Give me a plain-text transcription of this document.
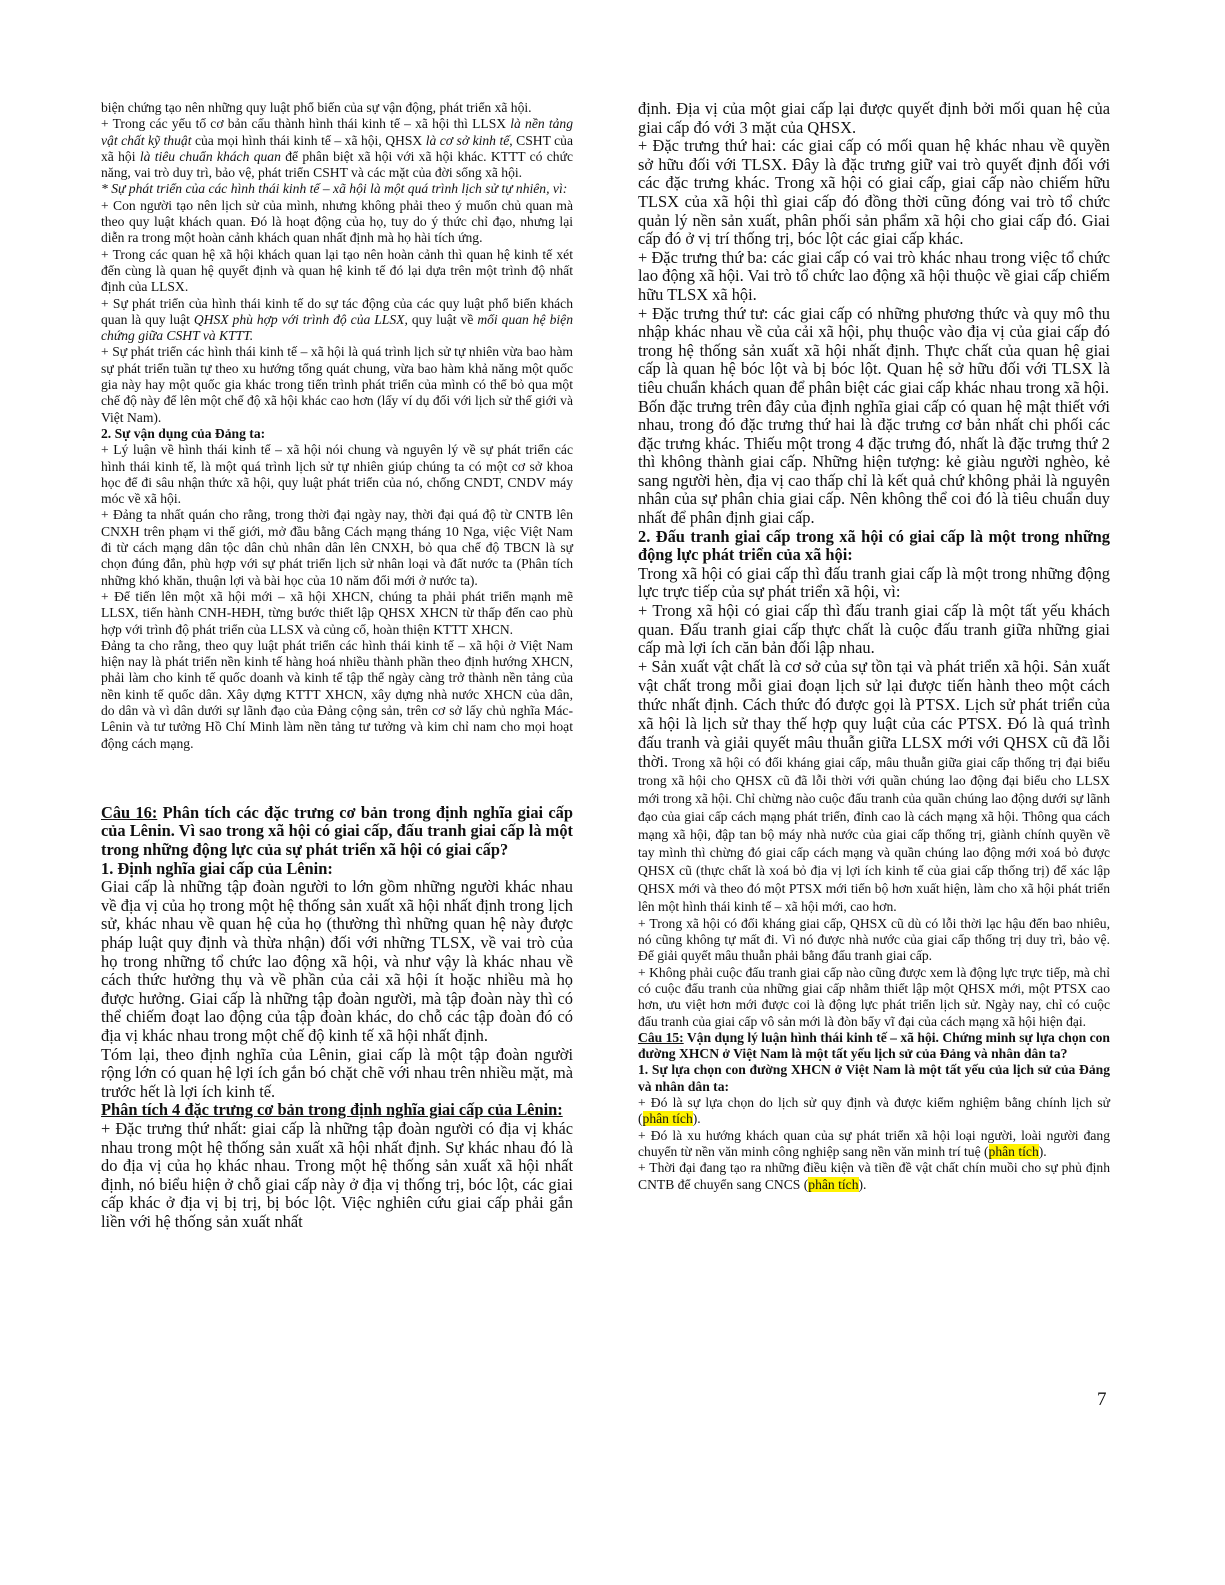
biện chứng tạo nên những quy luật phổ biến của sự vận động, phát triển xã hội.

+ Trong các yếu tố cơ bản cấu thành hình thái kinh tế – xã hội thì LLSX là nền tảng vật chất kỹ thuật của mọi hình thái kinh tế – xã hội, QHSX là cơ sở kinh tế, CSHT của xã hội là tiêu chuẩn khách quan để phân biệt xã hội với xã hội khác. KTTT có chức năng, vai trò duy trì, bảo vệ, phát triển CSHT và các mặt của đời sống xã hội.

* Sự phát triển của các hình thái kinh tế – xã hội là một quá trình lịch sử tự nhiên, vì:

+ Con người tạo nên lịch sử của mình, nhưng không phải theo ý muốn chủ quan mà theo quy luật khách quan. Đó là hoạt động của họ, tuy do ý thức chỉ đạo, nhưng lại diễn ra trong một hoàn cảnh khách quan nhất định mà họ hài tích ứng.

+ Trong các quan hệ xã hội khách quan lại tạo nên hoàn cảnh thì quan hệ kinh tế xét đến cùng là quan hệ quyết định và quan hệ kinh tế đó lại dựa trên một trình độ nhất định của LLSX.

+ Sự phát triển của hình thái kinh tế do sự tác động của các quy luật phổ biến khách quan là quy luật QHSX phù hợp với trình độ của LLSX, quy luật về mối quan hệ biện chứng giữa CSHT và KTTT.

+ Sự phát triển các hình thái kinh tế – xã hội là quá trình lịch sử tự nhiên vừa bao hàm sự phát triển tuần tự theo xu hướng tổng quát chung, vừa bao hàm khả năng một quốc gia này hay một quốc gia khác trong tiến trình phát triển của mình có thể bỏ qua một chế độ này để lên một chế độ xã hội khác cao hơn (lấy ví dụ đối với lịch sử thế giới và Việt Nam).

2. Sự vận dụng của Đảng ta:

+ Lý luận về hình thái kinh tế – xã hội nói chung và nguyên lý về sự phát triển các hình thái kinh tế, là một quá trình lịch sử tự nhiên giúp chúng ta có một cơ sở khoa học để đi sâu nhận thức xã hội, quy luật phát triển của nó, chống CNDT, CNDV máy móc về xã hội.

+ Đảng ta nhất quán cho rằng, trong thời đại ngày nay, thời đại quá độ từ CNTB lên CNXH trên phạm vi thế giới, mở đầu bằng Cách mạng tháng 10 Nga, việc Việt Nam đi từ cách mạng dân tộc dân chủ nhân dân lên CNXH, bỏ qua chế độ TBCN là sự chọn đúng đắn, phù hợp với sự phát triển lịch sử nhân loại và đất nước ta (Phân tích những khó khăn, thuận lợi và bài học của 10 năm đổi mới ở nước ta).

+ Để tiến lên một xã hội mới – xã hội XHCN, chúng ta phải phát triển mạnh mẽ LLSX, tiến hành CNH-HĐH, từng bước thiết lập QHSX XHCN từ thấp đến cao phù hợp với trình độ phát triển của LLSX và củng cố, hoàn thiện KTTT XHCN.

Đảng ta cho rằng, theo quy luật phát triển các hình thái kinh tế – xã hội ở Việt Nam hiện nay là phát triển nền kinh tế hàng hoá nhiều thành phần theo định hướng XHCN, phải làm cho kinh tế quốc doanh và kinh tế tập thể ngày càng trở thành nền tảng của nền kinh tế quốc dân. Xây dựng KTTT XHCN, xây dựng nhà nước XHCN của dân, do dân và vì dân dưới sự lãnh đạo của Đảng cộng sản, trên cơ sở lấy chủ nghĩa Mác-Lênin và tư tưởng Hồ Chí Minh làm nền tảng tư tưởng và kim chỉ nam cho mọi hoạt động cách mạng.

Câu 16: Phân tích các đặc trưng cơ bản trong định nghĩa giai cấp của Lênin. Vì sao trong xã hội có giai cấp, đấu tranh giai cấp là một trong những động lực của sự phát triển xã hội có giai cấp?

1. Định nghĩa giai cấp của Lênin:

Giai cấp là những tập đoàn người to lớn gồm những người khác nhau về địa vị của họ trong một hệ thống sản xuất xã hội nhất định trong lịch sử, khác nhau về quan hệ của họ (thường thì những quan hệ này được pháp luật quy định và thừa nhận) đối với những TLSX, về vai trò của họ trong những tổ chức lao động xã hội, và như vậy là khác nhau về cách thức hưởng thụ và về phần của cải xã hội ít hoặc nhiều mà họ được hưởng. Giai cấp là những tập đoàn người, mà tập đoàn này thì có thể chiếm đoạt lao động của tập đoàn khác, do chỗ các tập đoàn đó có địa vị khác nhau trong một chế độ kinh tế xã hội nhất định.

Tóm lại, theo định nghĩa của Lênin, giai cấp là một tập đoàn người rộng lớn có quan hệ lợi ích gắn bó chặt chẽ với nhau trên nhiều mặt, mà trước hết là lợi ích kinh tế.

Phân tích 4 đặc trưng cơ bản trong định nghĩa giai cấp của Lênin:

+ Đặc trưng thứ nhất: giai cấp là những tập đoàn người có địa vị khác nhau trong một hệ thống sản xuất xã hội nhất định. Sự khác nhau đó là do địa vị của họ khác nhau. Trong một hệ thống sản xuất xã hội nhất định, nó biểu hiện ở chỗ giai cấp này ở địa vị thống trị, bóc lột, các giai cấp khác ở địa vị bị trị, bị bóc lột. Việc nghiên cứu giai cấp phải gắn liền với hệ thống sản xuất nhất

định. Địa vị của một giai cấp lại được quyết định bởi mối quan hệ của giai cấp đó với 3 mặt của QHSX.

+ Đặc trưng thứ hai: các giai cấp có mối quan hệ khác nhau về quyền sở hữu đối với TLSX. Đây là đặc trưng giữ vai trò quyết định đối với các đặc trưng khác. Trong xã hội có giai cấp, giai cấp nào chiếm hữu TLSX của xã hội thì giai cấp đó đồng thời cũng đóng vai trò tổ chức quản lý nền sản xuất, phân phối sản phẩm xã hội cho giai cấp đó. Giai cấp đó ở vị trí thống trị, bóc lột các giai cấp khác.

+ Đặc trưng thứ ba: các giai cấp có vai trò khác nhau trong việc tổ chức lao động xã hội. Vai trò tổ chức lao động xã hội thuộc về giai cấp chiếm hữu TLSX xã hội.

+ Đặc trưng thứ tư: các giai cấp có những phương thức và quy mô thu nhập khác nhau về của cải xã hội, phụ thuộc vào địa vị của giai cấp đó trong hệ thống sản xuất xã hội nhất định. Thực chất của quan hệ giai cấp là quan hệ bóc lột và bị bóc lột. Quan hệ sở hữu đối với TLSX là tiêu chuẩn khách quan để phân biệt các giai cấp khác nhau trong xã hội.

Bốn đặc trưng trên đây của định nghĩa giai cấp có quan hệ mật thiết với nhau, trong đó đặc trưng thứ hai là đặc trưng cơ bản nhất chi phối các đặc trưng khác. Thiếu một trong 4 đặc trưng đó, nhất là đặc trưng thứ 2 thì không thành giai cấp. Những hiện tượng: kẻ giàu người nghèo, kẻ sang người hèn, địa vị cao thấp chỉ là kết quả chứ không phải là nguyên nhân của sự phân chia giai cấp. Nên không thể coi đó là tiêu chuẩn duy nhất để phân định giai cấp.

2. Đấu tranh giai cấp trong xã hội có giai cấp là một trong những động lực phát triển của xã hội:

Trong xã hội có giai cấp thì đấu tranh giai cấp là một trong những động lực trực tiếp của sự phát triển xã hội, vì:

+ Trong xã hội có giai cấp thì đấu tranh giai cấp là một tất yếu khách quan. Đấu tranh giai cấp thực chất là cuộc đấu tranh giữa những giai cấp mà lợi ích căn bản đối lập nhau.

+ Sản xuất vật chất là cơ sở của sự tồn tại và phát triển xã hội. Sản xuất vật chất trong mỗi giai đoạn lịch sử lại được tiến hành theo một cách thức nhất định. Cách thức đó được gọi là PTSX. Lịch sử phát triển của xã hội là lịch sử thay thế hợp quy luật của các PTSX. Đó là quá trình đấu tranh và giải quyết mâu thuẫn giữa LLSX mới với QHSX cũ đã lỗi thời. Trong xã hội có đối kháng giai cấp, mâu thuẫn giữa giai cấp thống trị đại biểu trong xã hội cho QHSX cũ đã lỗi thời với quần chúng lao động đại biểu cho LLSX mới trong xã hội. Chỉ chừng nào cuộc đấu tranh của quần chúng lao động dưới sự lãnh đạo của giai cấp cách mạng phát triển, đỉnh cao là cách mạng xã hội. Thông qua cách mạng xã hội, đập tan bộ máy nhà nước của giai cấp thống trị, giành chính quyền về tay mình thì chừng đó giai cấp cách mạng và quần chúng lao động mới xoá bỏ được QHSX cũ (thực chất là xoá bỏ địa vị lợi ích kinh tế của giai cấp thống trị) để xác lập QHSX mới và theo đó một PTSX mới tiến bộ hơn xuất hiện, làm cho xã hội phát triển lên một hình thái kinh tế – xã hội mới, cao hơn.

+ Trong xã hội có đối kháng giai cấp, QHSX cũ dù có lỗi thời lạc hậu đến bao nhiêu, nó cũng không tự mất đi. Vì nó được nhà nước của giai cấp thống trị duy trì, bảo vệ. Để giải quyết mâu thuẫn phải bằng đấu tranh giai cấp.

+ Không phải cuộc đấu tranh giai cấp nào cũng được xem là động lực trực tiếp, mà chỉ có cuộc đấu tranh của những giai cấp nhằm thiết lập một QHSX mới, một PTSX cao hơn, ưu việt hơn mới được coi là động lực phát triển lịch sử. Ngày nay, chỉ có cuộc đấu tranh của giai cấp vô sản mới là đòn bẩy vĩ đại của cách mạng xã hội hiện đại.

Câu 15: Vận dụng lý luận hình thái kinh tế – xã hội. Chứng minh sự lựa chọn con đường XHCN ở Việt Nam là một tất yếu lịch sử của Đảng và nhân dân ta?

1. Sự lựa chọn con đường XHCN ở Việt Nam là một tất yếu của lịch sử của Đảng và nhân dân ta:

+ Đó là sự lựa chọn do lịch sử quy định và được kiểm nghiệm bằng chính lịch sử (phân tích).

+ Đó là xu hướng khách quan của sự phát triển xã hội loại người, loài người đang chuyển từ nền văn minh công nghiệp sang nền văn minh trí tuệ (phân tích).

+ Thời đại đang tạo ra những điều kiện và tiền đề vật chất chín muồi cho sự phủ định CNTB để chuyển sang CNCS (phân tích).

7
